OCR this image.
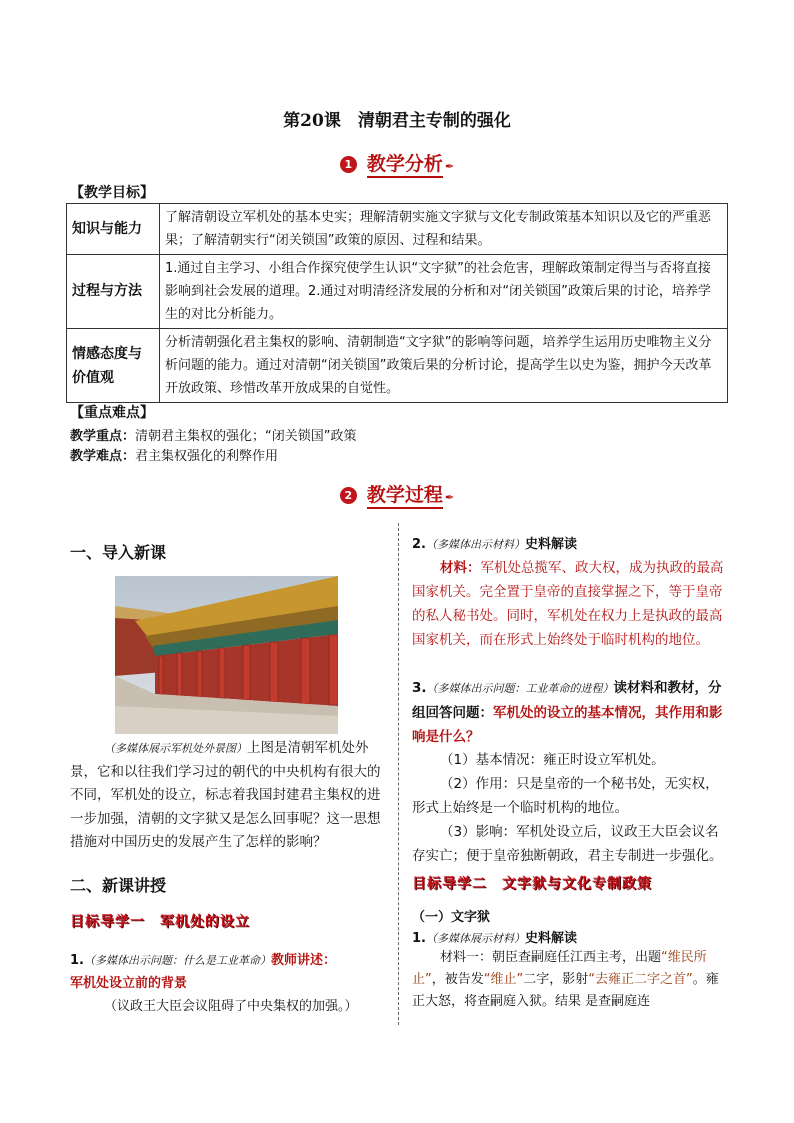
第20课　清朝君主专制的强化
1 教学分析 ✒
【教学目标】
知识与能力	了解清朝设立军机处的基本史实；理解清朝实施文字狱与文化专制政策基本知识以及它的严重恶果；了解清朝实行“闭关锁国”政策的原因、过程和结果。
过程与方法	1.通过自主学习、小组合作探究使学生认识“文字狱”的社会危害，理解政策制定得当与否将直接影响到社会发展的道理。2.通过对明清经济发展的分析和对“闭关锁国”政策后果的讨论，培养学生的对比分析能力。
情感态度与价值观	分析清朝强化君主集权的影响、清朝制造“文字狱”的影响等问题，培养学生运用历史唯物主义分析问题的能力。通过对清朝“闭关锁国”政策后果的分析讨论，提高学生以史为鉴，拥护今天改革开放政策、珍惜改革开放成果的自觉性。
【重点难点】
教学重点：清朝君主集权的强化；“闭关锁国”政策
教学难点：君主集权强化的利弊作用
2 教学过程 ✒
一、导入新课
（多媒体展示军机处外景图）上图是清朝军机处外景，它和以往我们学习过的朝代的中央机构有很大的不同，军机处的设立，标志着我国封建君主集权的进一步加强，清朝的文字狱又是怎么回事呢？这一思想措施对中国历史的发展产生了怎样的影响？
二、新课讲授
目标导学一　军机处的设立
1.（多媒体出示问题：什么是工业革命）教师讲述：
军机处设立前的背景
（议政王大臣会议阻碍了中央集权的加强。）
2.（多媒体出示材料）史料解读
材料：军机处总揽军、政大权，成为执政的最高国家机关。完全置于皇帝的直接掌握之下，等于皇帝的私人秘书处。同时，军机处在权力上是执政的最高国家机关，而在形式上始终处于临时机构的地位。
3.（多媒体出示问题：工业革命的进程）读材料和教材，分组回答问题：军机处的设立的基本情况，其作用和影响是什么？
（1）基本情况：雍正时设立军机处。
（2）作用：只是皇帝的一个秘书处，无实权，形式上始终是一个临时机构的地位。
（3）影响：军机处设立后，议政王大臣会议名存实亡；便于皇帝独断朝政，君主专制进一步强化。
目标导学二　文字狱与文化专制政策
（一）文字狱
1.（多媒体展示材料）史料解读
材料一：朝臣查嗣庭任江西主考，出题“维民所止”，被告发“维止”二字，影射“去雍正二字之首”。雍正大怒，将查嗣庭入狱。结果 是查嗣庭连
